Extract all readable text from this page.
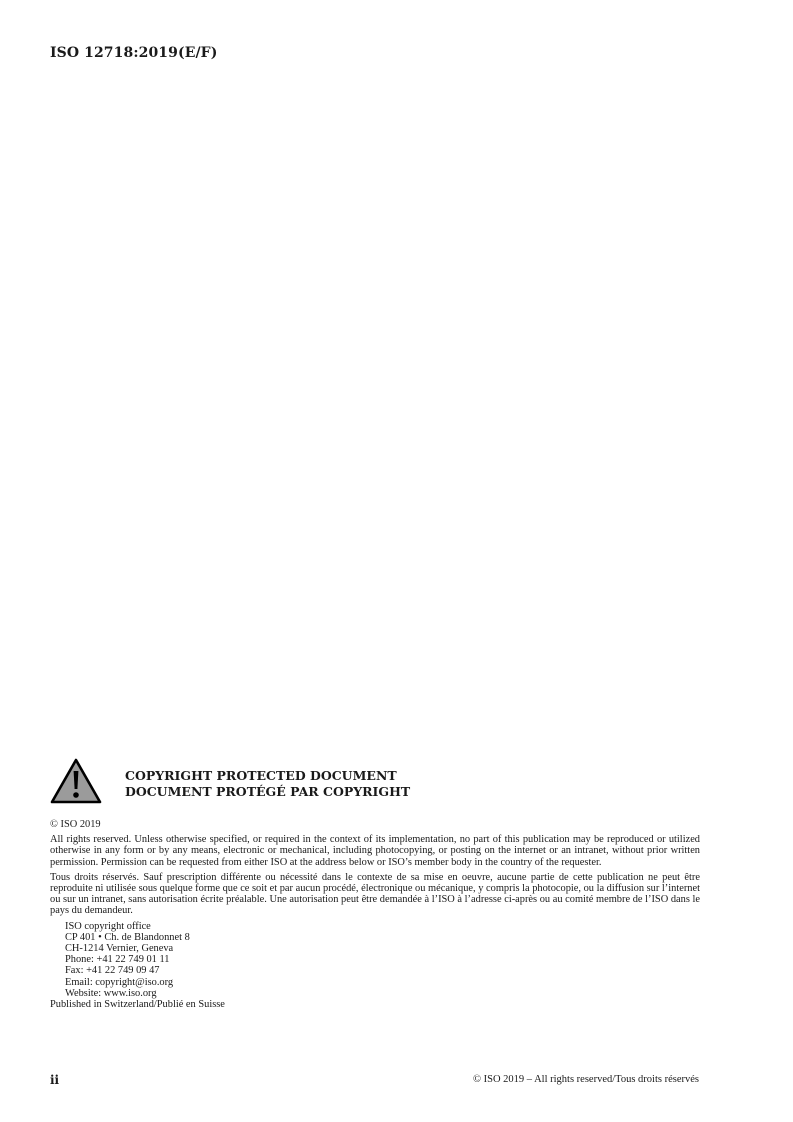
ISO 12718:2019(E/F)
COPYRIGHT PROTECTED DOCUMENT
DOCUMENT PROTÉGÉ PAR COPYRIGHT
© ISO 2019
All rights reserved. Unless otherwise specified, or required in the context of its implementation, no part of this publication may be reproduced or utilized otherwise in any form or by any means, electronic or mechanical, including photocopying, or posting on the internet or an intranet, without prior written permission. Permission can be requested from either ISO at the address below or ISO’s member body in the country of the requester.
Tous droits réservés. Sauf prescription différente ou nécessité dans le contexte de sa mise en oeuvre, aucune partie de cette publication ne peut être reproduite ni utilisée sous quelque forme que ce soit et par aucun procédé, électronique ou mécanique, y compris la photocopie, ou la diffusion sur l’internet ou sur un intranet, sans autorisation écrite préalable. Une autorisation peut être demandée à l’ISO à l’adresse ci-après ou au comité membre de l’ISO dans le pays du demandeur.
ISO copyright office
CP 401 • Ch. de Blandonnet 8
CH-1214 Vernier, Geneva
Phone: +41 22 749 01 11
Fax: +41 22 749 09 47
Email: copyright@iso.org
Website: www.iso.org
Published in Switzerland/Publié en Suisse
ii	© ISO 2019 – All rights reserved/Tous droits réservés
